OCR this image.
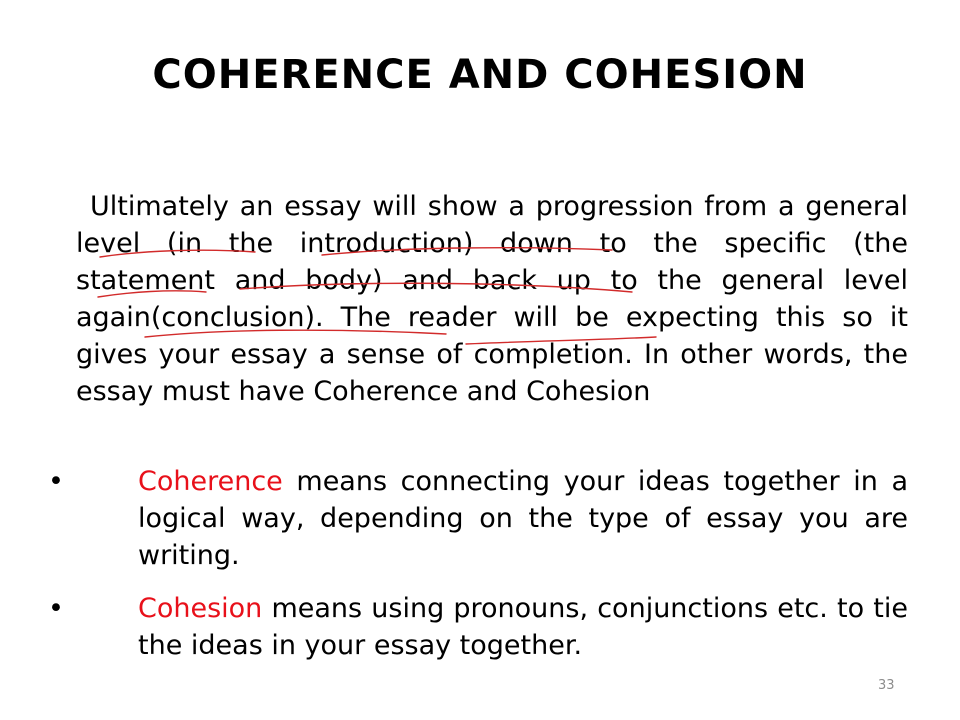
COHERENCE AND COHESION

Ultimately an essay will show a progression from a general level (in the introduction) down to the specific (the statement and body) and back up to the general level again(conclusion). The reader will be expecting this so it gives your essay a sense of completion. In other words, the essay must have Coherence and Cohesion

•	Coherence means connecting your ideas together in a logical way, depending on the type of essay you are writing.
•	Cohesion means using pronouns, conjunctions etc. to tie the ideas in your essay together.
33
